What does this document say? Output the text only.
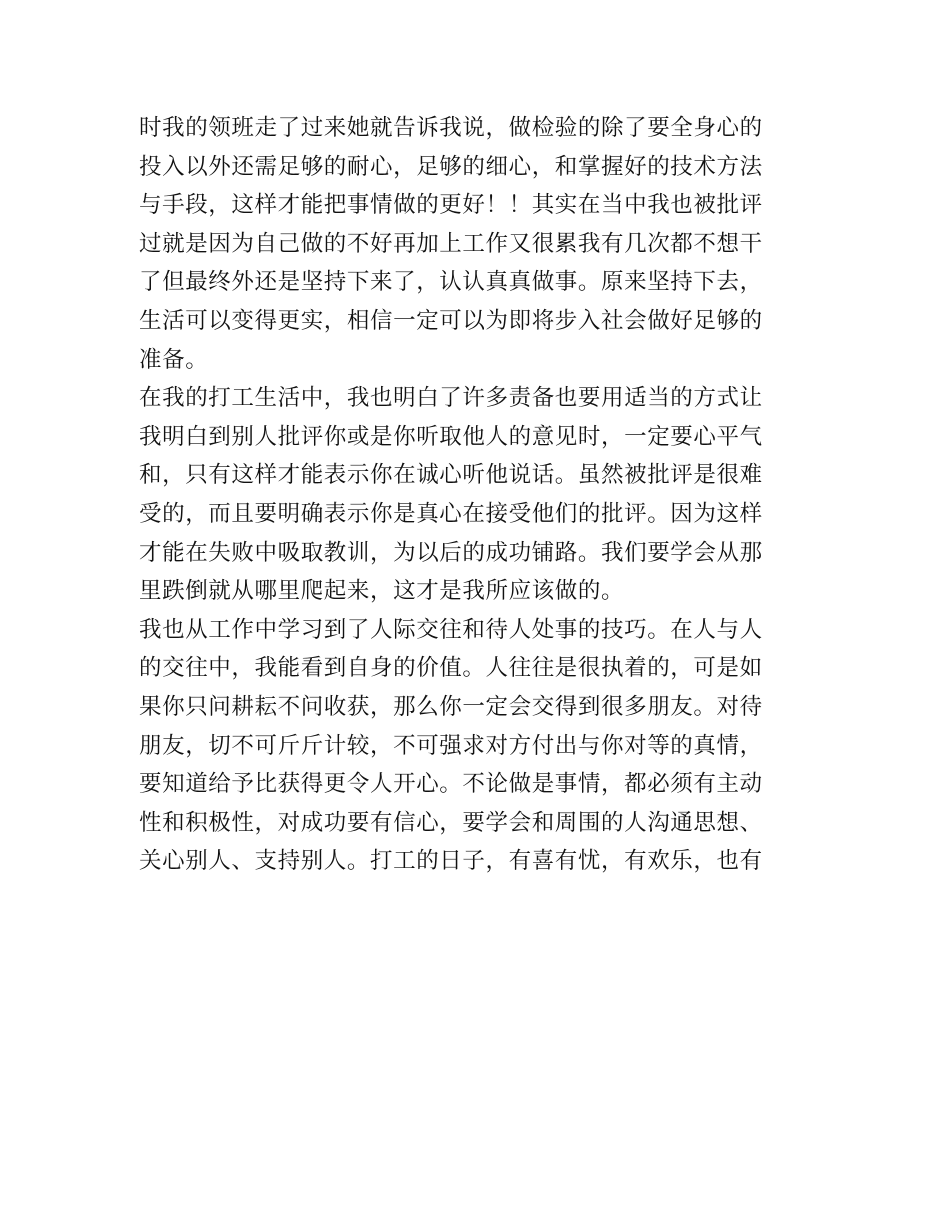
时我的领班走了过来她就告诉我说，做检验的除了要全身心的
投入以外还需足够的耐心，足够的细心，和掌握好的技术方法
与手段，这样才能把事情做的更好！！其实在当中我也被批评
过就是因为自己做的不好再加上工作又很累我有几次都不想干
了但最终外还是坚持下来了，认认真真做事。原来坚持下去，
生活可以变得更实，相信一定可以为即将步入社会做好足够的
准备。
在我的打工生活中，我也明白了许多责备也要用适当的方式让
我明白到别人批评你或是你听取他人的意见时，一定要心平气
和，只有这样才能表示你在诚心听他说话。虽然被批评是很难
受的，而且要明确表示你是真心在接受他们的批评。因为这样
才能在失败中吸取教训，为以后的成功铺路。我们要学会从那
里跌倒就从哪里爬起来，这才是我所应该做的。
我也从工作中学习到了人际交往和待人处事的技巧。在人与人
的交往中，我能看到自身的价值。人往往是很执着的，可是如
果你只问耕耘不问收获，那么你一定会交得到很多朋友。对待
朋友，切不可斤斤计较，不可强求对方付出与你对等的真情，
要知道给予比获得更令人开心。不论做是事情，都必须有主动
性和积极性，对成功要有信心，要学会和周围的人沟通思想、
关心别人、支持别人。打工的日子，有喜有忧，有欢乐，也有
